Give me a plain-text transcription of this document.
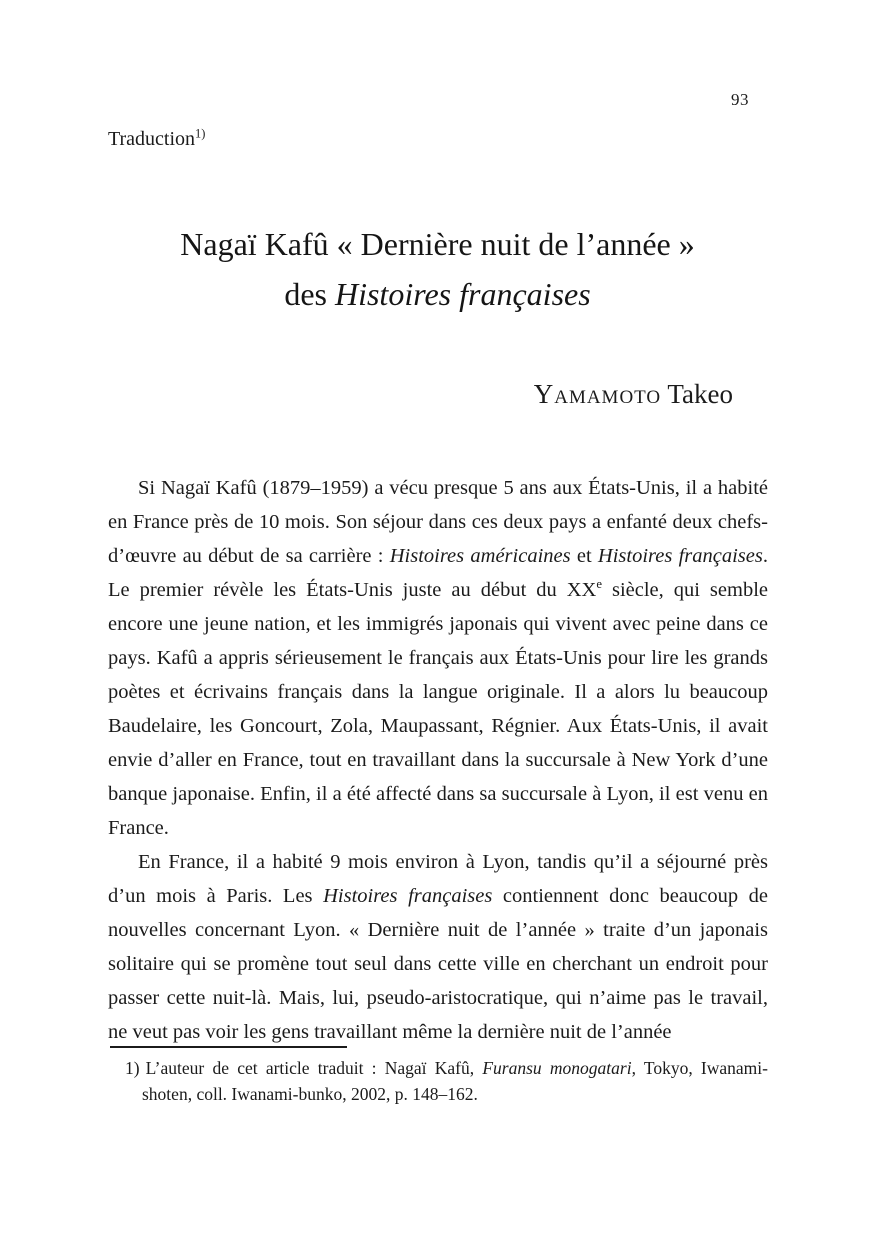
93
Traduction$^{1)}$
Nagaï Kafû « Dernière nuit de l’année »
des Histoires françaises
Yamamoto Takeo

Si Nagaï Kafû (1879–1959) a vécu presque 5 ans aux États-Unis, il a habité en France près de 10 mois. Son séjour dans ces deux pays a enfanté deux chefs-d’œuvre au début de sa carrière : Histoires américaines et Histoires françaises. Le premier révèle les États-Unis juste au début du XXe siècle, qui semble encore une jeune nation, et les immigrés japonais qui vivent avec peine dans ce pays. Kafû a appris sérieusement le français aux États-Unis pour lire les grands poètes et écrivains français dans la langue originale. Il a alors lu beaucoup Baudelaire, les Goncourt, Zola, Maupassant, Régnier. Aux États-Unis, il avait envie d’aller en France, tout en travaillant dans la succursale à New York d’une banque japonaise. Enfin, il a été affecté dans sa succursale à Lyon, il est venu en France.

En France, il a habité 9 mois environ à Lyon, tandis qu’il a séjourné près d’un mois à Paris. Les Histoires françaises contiennent donc beaucoup de nouvelles concernant Lyon. « Dernière nuit de l’année » traite d’un japonais solitaire qui se promène tout seul dans cette ville en cherchant un endroit pour passer cette nuit-là. Mais, lui, pseudo-aristocratique, qui n’aime pas le travail, ne veut pas voir les gens travaillant même la dernière nuit de l’année

1) L’auteur de cet article traduit : Nagaï Kafû, Furansu monogatari, Tokyo, Iwanami-shoten, coll. Iwanami-bunko, 2002, p. 148–162.
